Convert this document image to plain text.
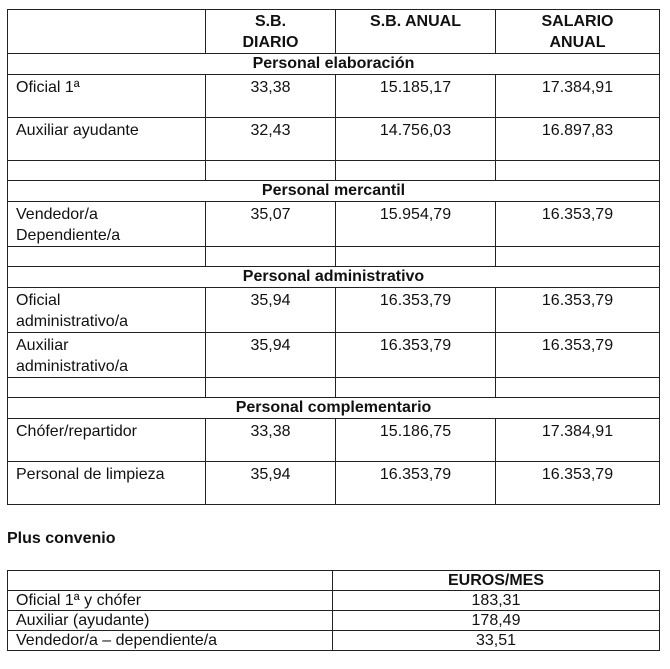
	S.B.
DIARIO	S.B. ANUAL	SALARIO
ANUAL
Personal elaboración			
Oficial 1ª	33,38	15.185,17	17.384,91
Auxiliar ayudante	32,43	14.756,03	16.897,83

Personal mercantil			
Vendedor/a
Dependiente/a	35,07	15.954,79	16.353,79

Personal administrativo			
Oficial
administrativo/a	35,94	16.353,79	16.353,79
Auxiliar
administrativo/a	35,94	16.353,79	16.353,79

Personal complementario			
Chófer/repartidor	33,38	15.186,75	17.384,91
Personal de limpieza	35,94	16.353,79	16.353,79
Plus convenio
	EUROS/MES
Oficial 1ª y chófer	183,31
Auxiliar (ayudante)	178,49
Vendedor/a – dependiente/a	33,51
